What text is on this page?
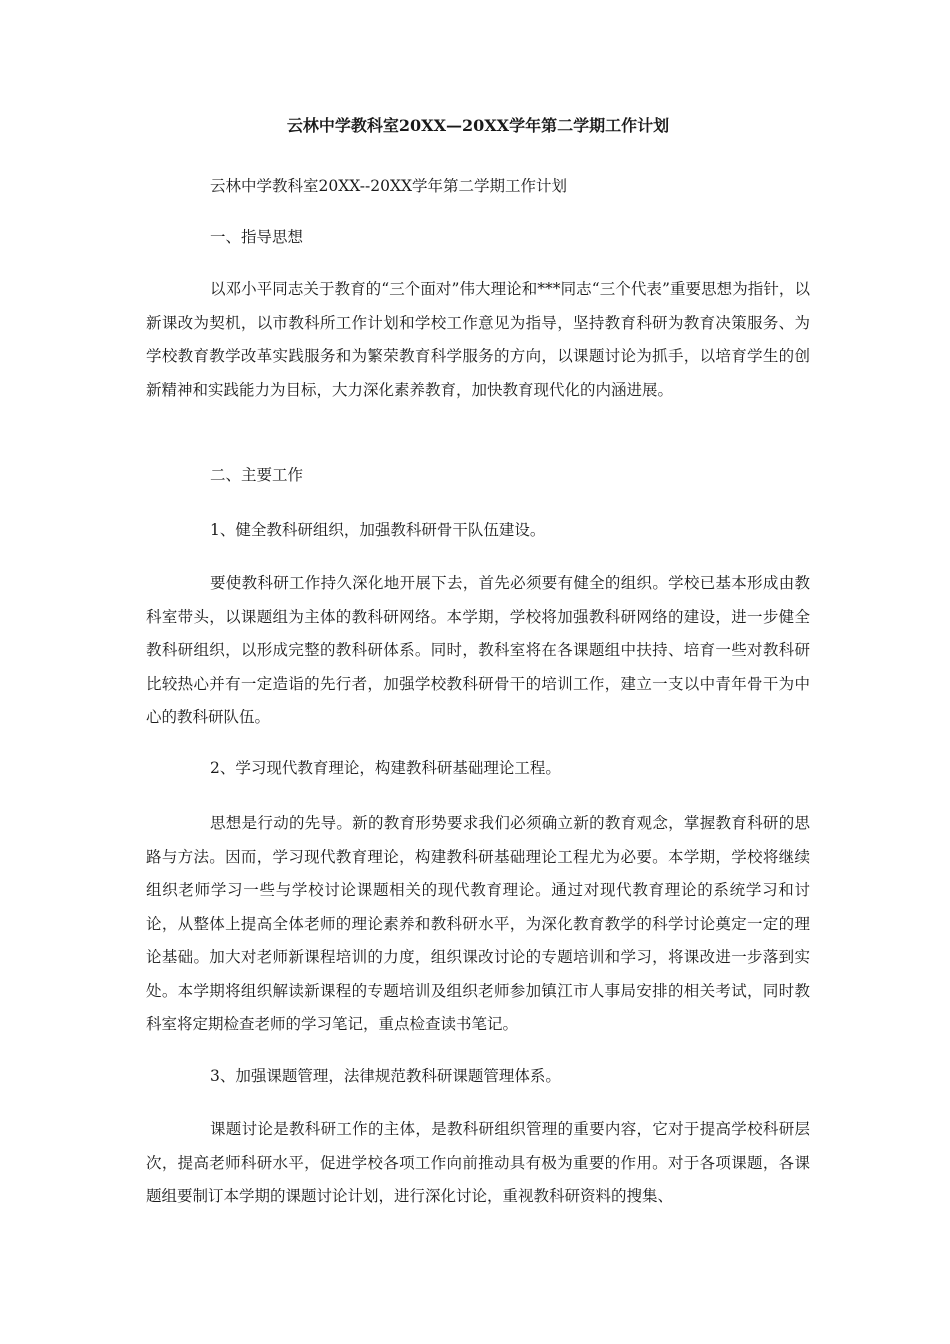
云林中学教科室20XX—20XX学年第二学期工作计划

云林中学教科室20XX--20XX学年第二学期工作计划

一、指导思想

以邓小平同志关于教育的“三个面对”伟大理论和***同志“三个代表”重要思想为指针，以新课改为契机，以市教科所工作计划和学校工作意见为指导，坚持教育科研为教育决策服务、为学校教育教学改革实践服务和为繁荣教育科学服务的方向，以课题讨论为抓手，以培育学生的创新精神和实践能力为目标，大力深化素养教育，加快教育现代化的内涵进展。

二、主要工作

1、健全教科研组织，加强教科研骨干队伍建设。

要使教科研工作持久深化地开展下去，首先必须要有健全的组织。学校已基本形成由教科室带头，以课题组为主体的教科研网络。本学期，学校将加强教科研网络的建设，进一步健全教科研组织，以形成完整的教科研体系。同时，教科室将在各课题组中扶持、培育一些对教科研比较热心并有一定造诣的先行者，加强学校教科研骨干的培训工作，建立一支以中青年骨干为中心的教科研队伍。

2、学习现代教育理论，构建教科研基础理论工程。

思想是行动的先导。新的教育形势要求我们必须确立新的教育观念，掌握教育科研的思路与方法。因而，学习现代教育理论，构建教科研基础理论工程尤为必要。本学期，学校将继续组织老师学习一些与学校讨论课题相关的现代教育理论。通过对现代教育理论的系统学习和讨论，从整体上提高全体老师的理论素养和教科研水平，为深化教育教学的科学讨论奠定一定的理论基础。加大对老师新课程培训的力度，组织课改讨论的专题培训和学习，将课改进一步落到实处。本学期将组织解读新课程的专题培训及组织老师参加镇江市人事局安排的相关考试，同时教科室将定期检查老师的学习笔记，重点检查读书笔记。

3、加强课题管理，法律规范教科研课题管理体系。

课题讨论是教科研工作的主体，是教科研组织管理的重要内容，它对于提高学校科研层次，提高老师科研水平，促进学校各项工作向前推动具有极为重要的作用。对于各项课题，各课题组要制订本学期的课题讨论计划，进行深化讨论，重视教科研资料的搜集、
